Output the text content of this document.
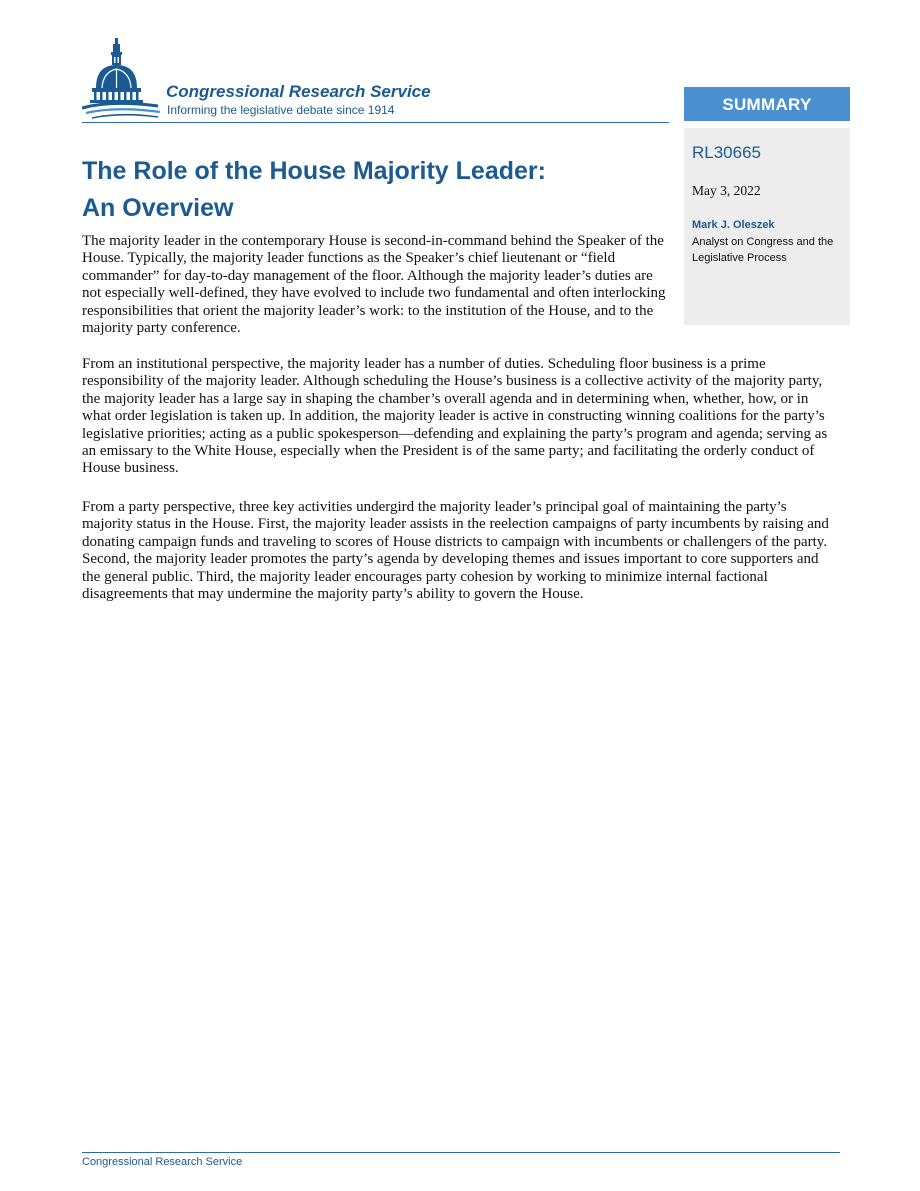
Congressional Research Service
Informing the legislative debate since 1914	SUMMARY
RL30665
May 3, 2022
Mark J. Oleszek
Analyst on Congress and the Legislative Process
The Role of the House Majority Leader:
An Overview

The majority leader in the contemporary House is second-in-command behind the Speaker of the House. Typically, the majority leader functions as the Speaker’s chief lieutenant or “field commander” for day-to-day management of the floor. Although the majority leader’s duties are not especially well-defined, they have evolved to include two fundamental and often interlocking responsibilities that orient the majority leader’s work: to the institution of the House, and to the majority party conference.

From an institutional perspective, the majority leader has a number of duties. Scheduling floor business is a prime responsibility of the majority leader. Although scheduling the House’s business is a collective activity of the majority party, the majority leader has a large say in shaping the chamber’s overall agenda and in determining when, whether, how, or in what order legislation is taken up. In addition, the majority leader is active in constructing winning coalitions for the party’s legislative priorities; acting as a public spokesperson—defending and explaining the party’s program and agenda; serving as an emissary to the White House, especially when the President is of the same party; and facilitating the orderly conduct of House business.

From a party perspective, three key activities undergird the majority leader’s principal goal of maintaining the party’s majority status in the House. First, the majority leader assists in the reelection campaigns of party incumbents by raising and donating campaign funds and traveling to scores of House districts to campaign with incumbents or challengers of the party. Second, the majority leader promotes the party’s agenda by developing themes and issues important to core supporters and the general public. Third, the majority leader encourages party cohesion by working to minimize internal factional disagreements that may undermine the majority party’s ability to govern the House.

Congressional Research Service
